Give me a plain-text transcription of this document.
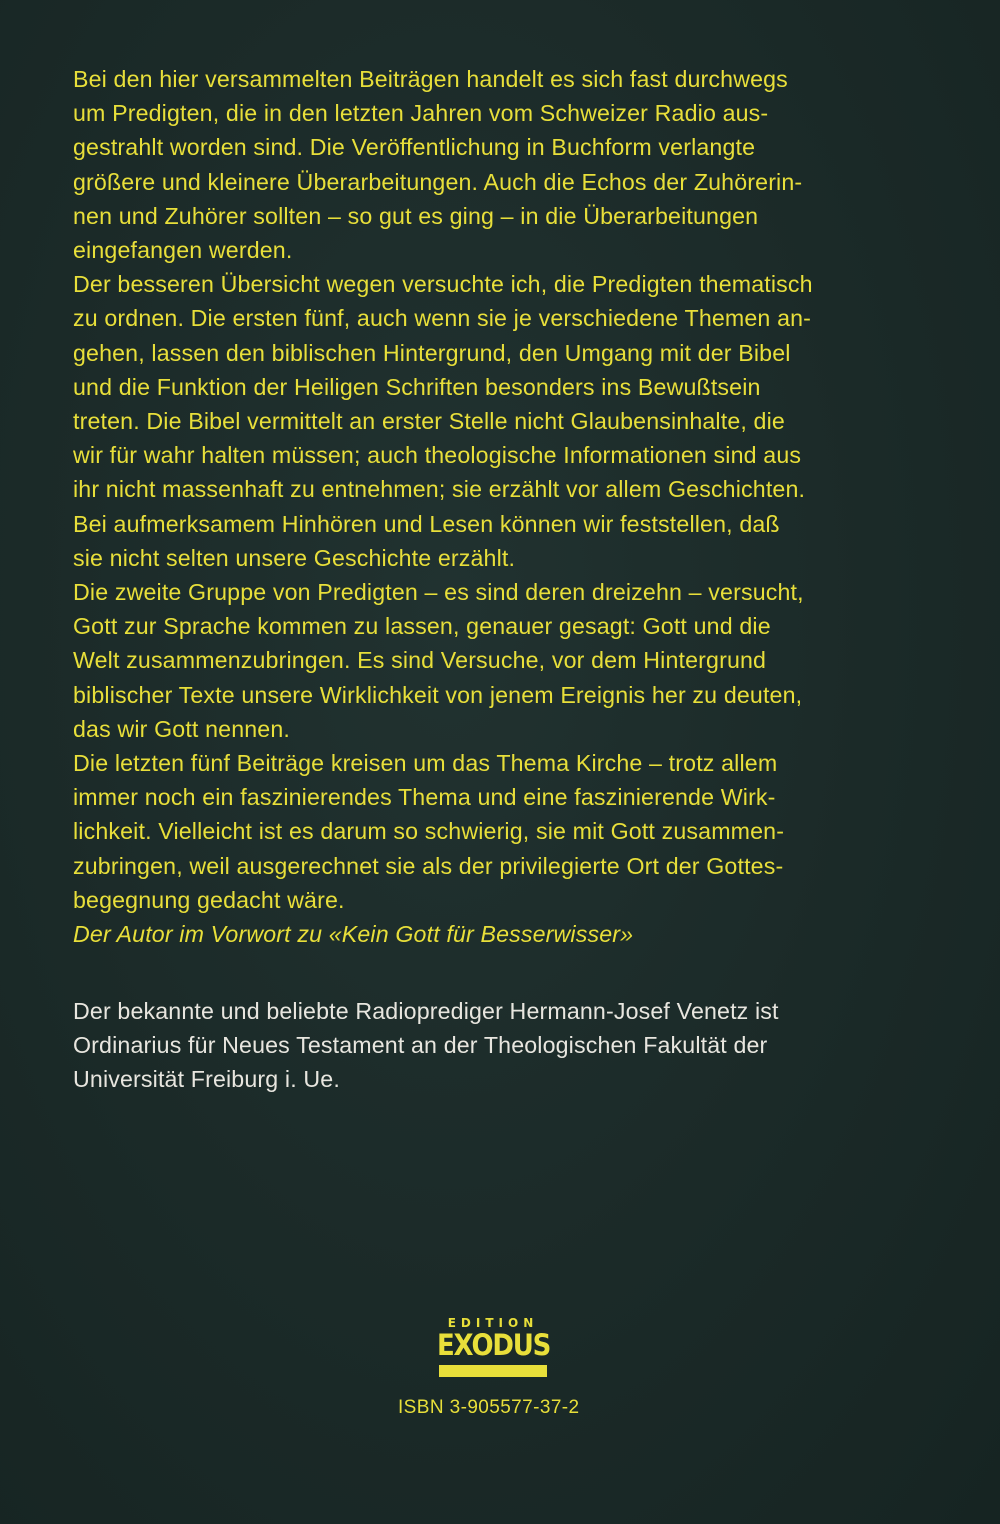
Bei den hier versammelten Beiträgen handelt es sich fast durchwegs
um Predigten, die in den letzten Jahren vom Schweizer Radio aus-
gestrahlt worden sind. Die Veröffentlichung in Buchform verlangte
größere und kleinere Überarbeitungen. Auch die Echos der Zuhörerin-
nen und Zuhörer sollten – so gut es ging – in die Überarbeitungen
eingefangen werden.
Der besseren Übersicht wegen versuchte ich, die Predigten thematisch
zu ordnen. Die ersten fünf, auch wenn sie je verschiedene Themen an-
gehen, lassen den biblischen Hintergrund, den Umgang mit der Bibel
und die Funktion der Heiligen Schriften besonders ins Bewußtsein
treten. Die Bibel vermittelt an erster Stelle nicht Glaubensinhalte, die
wir für wahr halten müssen; auch theologische Informationen sind aus
ihr nicht massenhaft zu entnehmen; sie erzählt vor allem Geschichten.
Bei aufmerksamem Hinhören und Lesen können wir feststellen, daß
sie nicht selten unsere Geschichte erzählt.
Die zweite Gruppe von Predigten – es sind deren dreizehn – versucht,
Gott zur Sprache kommen zu lassen, genauer gesagt: Gott und die
Welt zusammenzubringen. Es sind Versuche, vor dem Hintergrund
biblischer Texte unsere Wirklichkeit von jenem Ereignis her zu deuten,
das wir Gott nennen.
Die letzten fünf Beiträge kreisen um das Thema Kirche – trotz allem
immer noch ein faszinierendes Thema und eine faszinierende Wirk-
lichkeit. Vielleicht ist es darum so schwierig, sie mit Gott zusammen-
zubringen, weil ausgerechnet sie als der privilegierte Ort der Gottes-
begegnung gedacht wäre.
Der Autor im Vorwort zu «Kein Gott für Besserwisser»
Der bekannte und beliebte Radioprediger Hermann-Josef Venetz ist
Ordinarius für Neues Testament an der Theologischen Fakultät der
Universität Freiburg i. Ue.
EDITION
EXODUS
ISBN 3-905577-37-2
